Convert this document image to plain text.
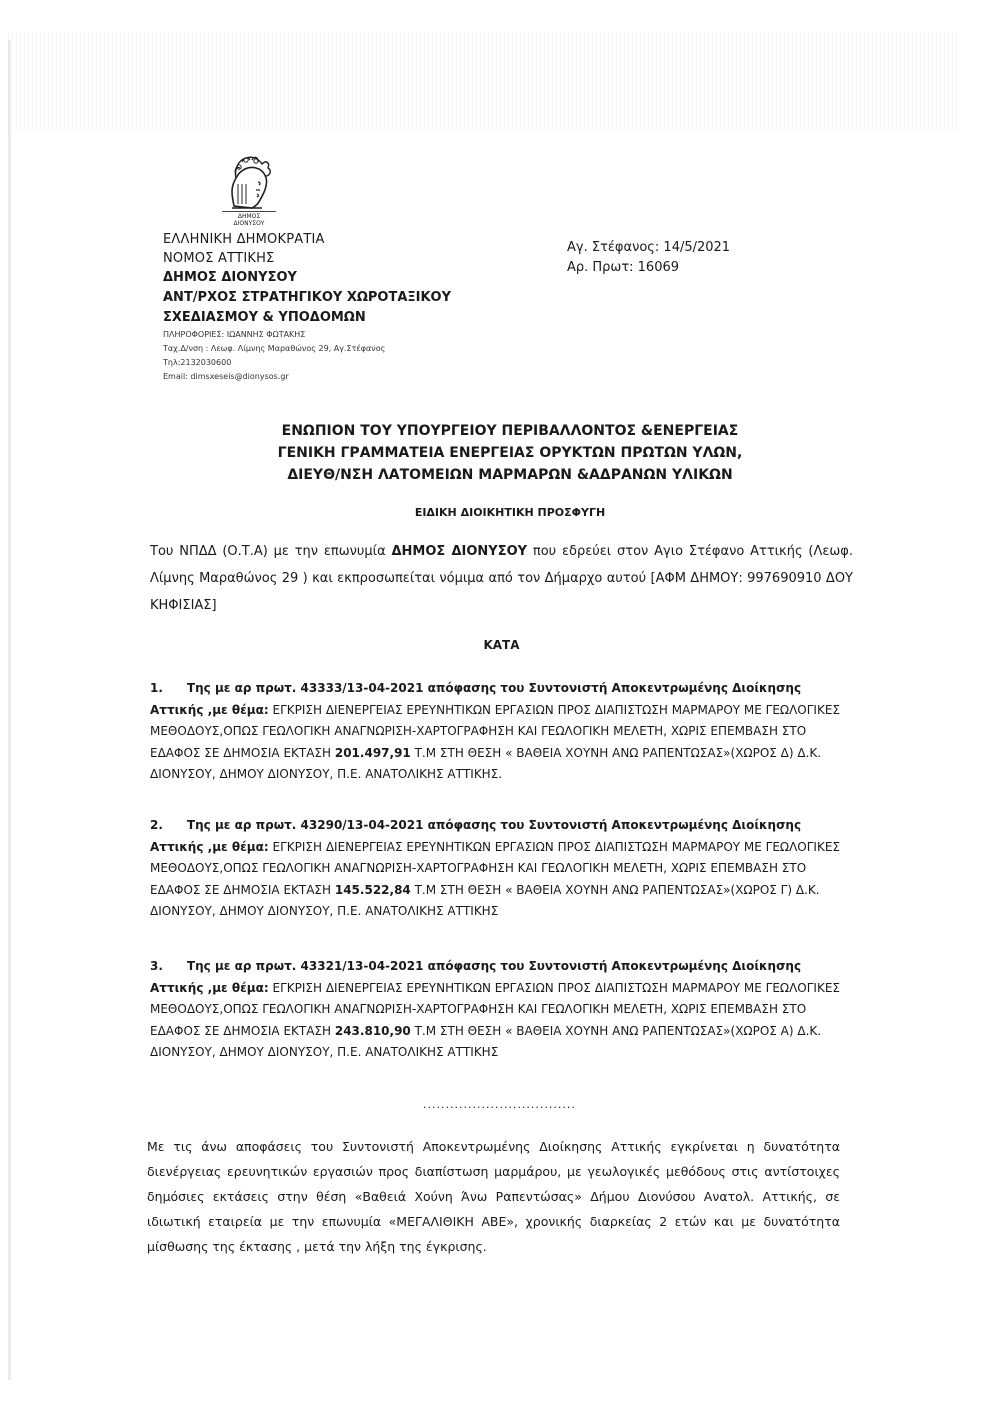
ΔΗΜΟΣ ΔΙΟΝΥΣΟΥ
ΕΛΛΗΝΙΚΗ ΔΗΜΟΚΡΑΤΙΑ
ΝΟΜΟΣ ΑΤΤΙΚΗΣ
ΔΗΜΟΣ ΔΙΟΝΥΣΟΥ
ΑΝΤ/ΡΧΟΣ ΣΤΡΑΤΗΓΙΚΟΥ ΧΩΡΟΤΑΞΙΚΟΥ
ΣΧΕΔΙΑΣΜΟΥ & ΥΠΟΔΟΜΩΝ
ΠΛΗΡΟΦΟΡΙΕΣ: ΙΩΑΝΝΗΣ ΦΩΤΑΚΗΣ
Ταχ.Δ/νση : Λεωφ. Λίμνης Μαραθώνος 29, Αγ.Στέφανος
Τηλ:2132030600
Email: dimsxeseis@dionysos.gr
Αγ. Στέφανος: 14/5/2021
Αρ. Πρωτ: 16069
ΕΝΩΠΙΟΝ ΤΟΥ ΥΠΟΥΡΓΕΙΟΥ ΠΕΡΙΒΑΛΛΟΝΤΟΣ &ΕΝΕΡΓΕΙΑΣ
ΓΕΝΙΚΗ ΓΡΑΜΜΑΤΕΙΑ ΕΝΕΡΓΕΙΑΣ ΟΡΥΚΤΩΝ ΠΡΩΤΩΝ ΥΛΩΝ,
ΔΙΕΥΘ/ΝΣΗ ΛΑΤΟΜΕΙΩΝ ΜΑΡΜΑΡΩΝ &ΑΔΡΑΝΩΝ ΥΛΙΚΩΝ
ΕΙΔΙΚΗ ΔΙΟΙΚΗΤΙΚΗ ΠΡΟΣΦΥΓΗ
Του ΝΠΔΔ (Ο.Τ.Α) με την επωνυμία ΔΗΜΟΣ ΔΙΟΝΥΣΟΥ που εδρεύει στον Αγιο Στέφανο Αττικής (Λεωφ. Λίμνης Μαραθώνος 29 ) και εκπροσωπείται νόμιμα από τον Δήμαρχο αυτού [ΑΦΜ ΔΗΜΟΥ: 997690910 ΔΟΥ ΚΗΦΙΣΙΑΣ]
ΚΑΤΑ
1. Της με αρ πρωτ. 43333/13-04-2021 απόφασης του Συντονιστή Αποκεντρωμένης Διοίκησης Αττικής ,με θέμα: ΕΓΚΡΙΣΗ ΔΙΕΝΕΡΓΕΙΑΣ ΕΡΕΥΝΗΤΙΚΩΝ ΕΡΓΑΣΙΩΝ ΠΡΟΣ ΔΙΑΠΙΣΤΩΣΗ ΜΑΡΜΑΡΟΥ ΜΕ ΓΕΩΛΟΓΙΚΕΣ ΜΕΘΟΔΟΥΣ,ΟΠΩΣ ΓΕΩΛΟΓΙΚΗ ΑΝΑΓΝΩΡΙΣΗ-ΧΑΡΤΟΓΡΑΦΗΣΗ ΚΑΙ ΓΕΩΛΟΓΙΚΗ ΜΕΛΕΤΗ, ΧΩΡΙΣ ΕΠΕΜΒΑΣΗ ΣΤΟ ΕΔΑΦΟΣ ΣΕ ΔΗΜΟΣΙΑ ΕΚΤΑΣΗ 201.497,91 Τ.Μ ΣΤΗ ΘΕΣΗ « ΒΑΘΕΙΑ ΧΟΥΝΗ ΑΝΩ ΡΑΠΕΝΤΩΣΑΣ»(ΧΩΡΟΣ Δ) Δ.Κ. ΔΙΟΝΥΣΟΥ, ΔΗΜΟΥ ΔΙΟΝΥΣΟΥ, Π.Ε. ΑΝΑΤΟΛΙΚΗΣ ΑΤΤΙΚΗΣ.
2. Της με αρ πρωτ. 43290/13-04-2021 απόφασης του Συντονιστή Αποκεντρωμένης Διοίκησης Αττικής ,με θέμα: ΕΓΚΡΙΣΗ ΔΙΕΝΕΡΓΕΙΑΣ ΕΡΕΥΝΗΤΙΚΩΝ ΕΡΓΑΣΙΩΝ ΠΡΟΣ ΔΙΑΠΙΣΤΩΣΗ ΜΑΡΜΑΡΟΥ ΜΕ ΓΕΩΛΟΓΙΚΕΣ ΜΕΘΟΔΟΥΣ,ΟΠΩΣ ΓΕΩΛΟΓΙΚΗ ΑΝΑΓΝΩΡΙΣΗ-ΧΑΡΤΟΓΡΑΦΗΣΗ ΚΑΙ ΓΕΩΛΟΓΙΚΗ ΜΕΛΕΤΗ, ΧΩΡΙΣ ΕΠΕΜΒΑΣΗ ΣΤΟ ΕΔΑΦΟΣ ΣΕ ΔΗΜΟΣΙΑ ΕΚΤΑΣΗ 145.522,84 Τ.Μ ΣΤΗ ΘΕΣΗ « ΒΑΘΕΙΑ ΧΟΥΝΗ ΑΝΩ ΡΑΠΕΝΤΩΣΑΣ»(ΧΩΡΟΣ Γ) Δ.Κ. ΔΙΟΝΥΣΟΥ, ΔΗΜΟΥ ΔΙΟΝΥΣΟΥ, Π.Ε. ΑΝΑΤΟΛΙΚΗΣ ΑΤΤΙΚΗΣ
3. Της με αρ πρωτ. 43321/13-04-2021 απόφασης του Συντονιστή Αποκεντρωμένης Διοίκησης Αττικής ,με θέμα: ΕΓΚΡΙΣΗ ΔΙΕΝΕΡΓΕΙΑΣ ΕΡΕΥΝΗΤΙΚΩΝ ΕΡΓΑΣΙΩΝ ΠΡΟΣ ΔΙΑΠΙΣΤΩΣΗ ΜΑΡΜΑΡΟΥ ΜΕ ΓΕΩΛΟΓΙΚΕΣ ΜΕΘΟΔΟΥΣ,ΟΠΩΣ ΓΕΩΛΟΓΙΚΗ ΑΝΑΓΝΩΡΙΣΗ-ΧΑΡΤΟΓΡΑΦΗΣΗ ΚΑΙ ΓΕΩΛΟΓΙΚΗ ΜΕΛΕΤΗ, ΧΩΡΙΣ ΕΠΕΜΒΑΣΗ ΣΤΟ ΕΔΑΦΟΣ ΣΕ ΔΗΜΟΣΙΑ ΕΚΤΑΣΗ 243.810,90 Τ.Μ ΣΤΗ ΘΕΣΗ « ΒΑΘΕΙΑ ΧΟΥΝΗ ΑΝΩ ΡΑΠΕΝΤΩΣΑΣ»(ΧΩΡΟΣ Α) Δ.Κ. ΔΙΟΝΥΣΟΥ, ΔΗΜΟΥ ΔΙΟΝΥΣΟΥ, Π.Ε. ΑΝΑΤΟΛΙΚΗΣ ΑΤΤΙΚΗΣ
..................................
Με τις άνω αποφάσεις του Συντονιστή Αποκεντρωμένης Διοίκησης Αττικής εγκρίνεται η δυνατότητα διενέργειας ερευνητικών εργασιών προς διαπίστωση μαρμάρου, με γεωλογικές μεθόδους στις αντίστοιχες δημόσιες εκτάσεις στην θέση «Βαθειά Χούνη Άνω Ραπεντώσας» Δήμου Διονύσου Ανατολ. Αττικής, σε ιδιωτική εταιρεία με την επωνυμία «ΜΕΓΑΛΙΘΙΚΗ ΑΒΕ», χρονικής διαρκείας 2 ετών και με δυνατότητα μίσθωσης της έκτασης , μετά την λήξη της έγκρισης.
